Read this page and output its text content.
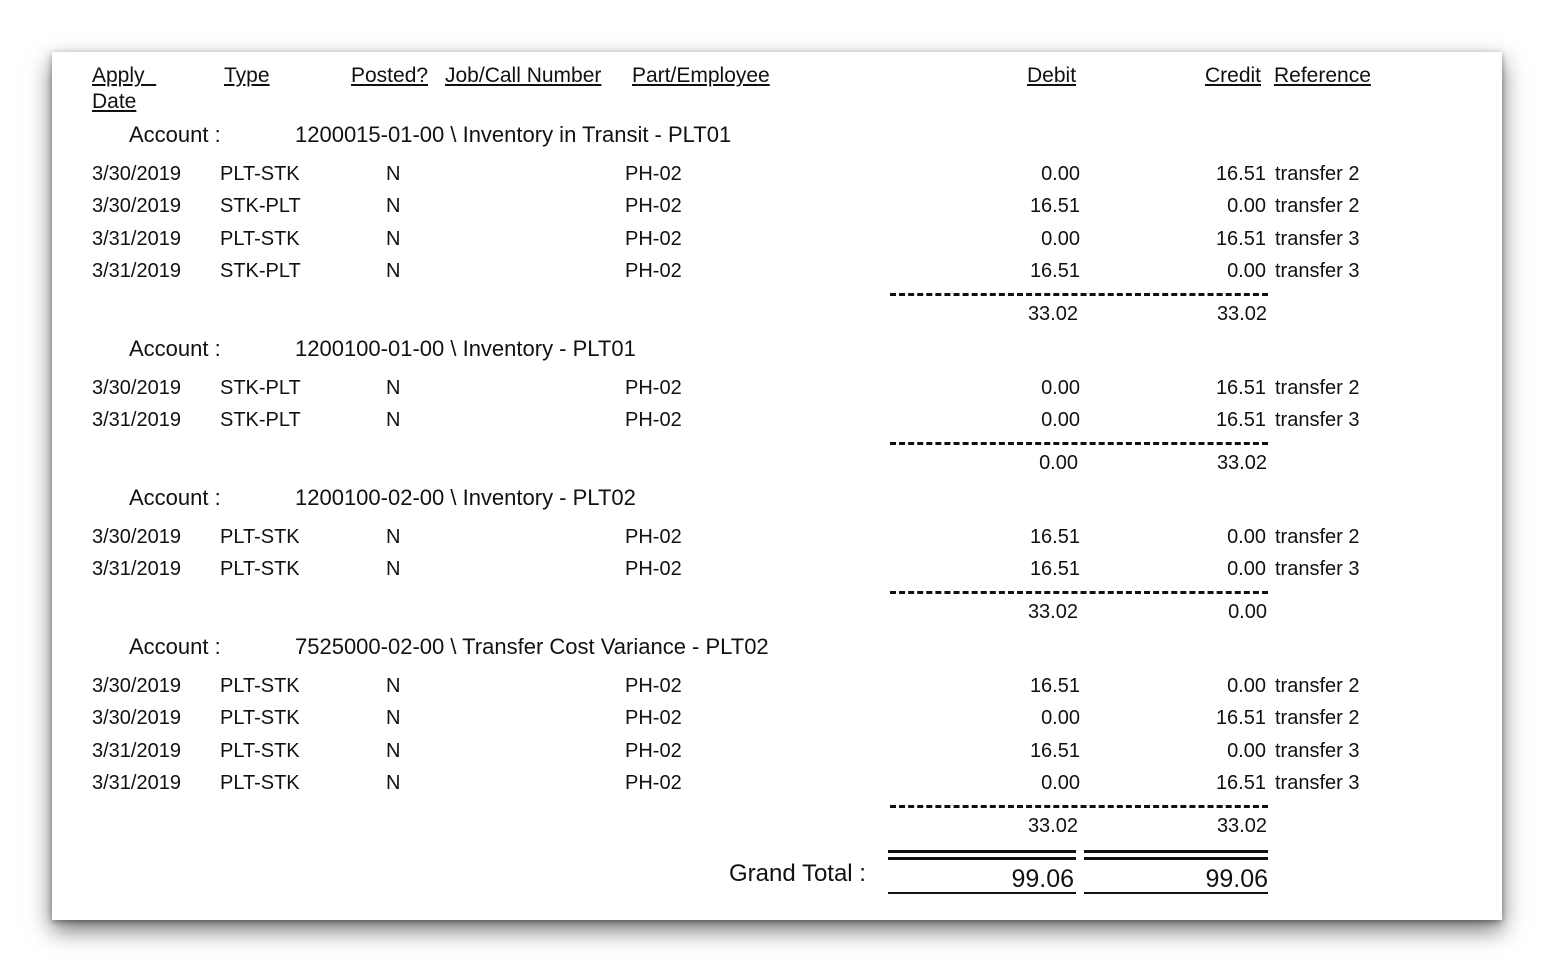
Apply
Date
Type	Posted? Job/Call Number Part/Employee	Debit	Credit Reference
Account :	1200015-01-00 \ Inventory in Transit - PLT01
3/30/2019 PLT-STK	N	PH-02	0.00	16.51 transfer 2
3/30/2019 STK-PLT	N	PH-02	16.51	0.00 transfer 2
3/31/2019 PLT-STK	N	PH-02	0.00	16.51 transfer 3
3/31/2019 STK-PLT	N	PH-02	16.51	0.00 transfer 3
33.02	33.02
Account :	1200100-01-00 \ Inventory - PLT01
3/30/2019 STK-PLT	N	PH-02	0.00	16.51 transfer 2
3/31/2019 STK-PLT	N	PH-02	0.00	16.51 transfer 3
0.00	33.02
Account :	1200100-02-00 \ Inventory - PLT02
3/30/2019 PLT-STK	N	PH-02	16.51	0.00 transfer 2
3/31/2019 PLT-STK	N	PH-02	16.51	0.00 transfer 3
33.02	0.00
Account :	7525000-02-00 \ Transfer Cost Variance - PLT02
3/30/2019 PLT-STK	N	PH-02	16.51	0.00 transfer 2
3/30/2019 PLT-STK	N	PH-02	0.00	16.51 transfer 2
3/31/2019 PLT-STK	N	PH-02	16.51	0.00 transfer 3
3/31/2019 PLT-STK	N	PH-02	0.00	16.51 transfer 3
33.02	33.02
Grand Total :	99.06	99.06
